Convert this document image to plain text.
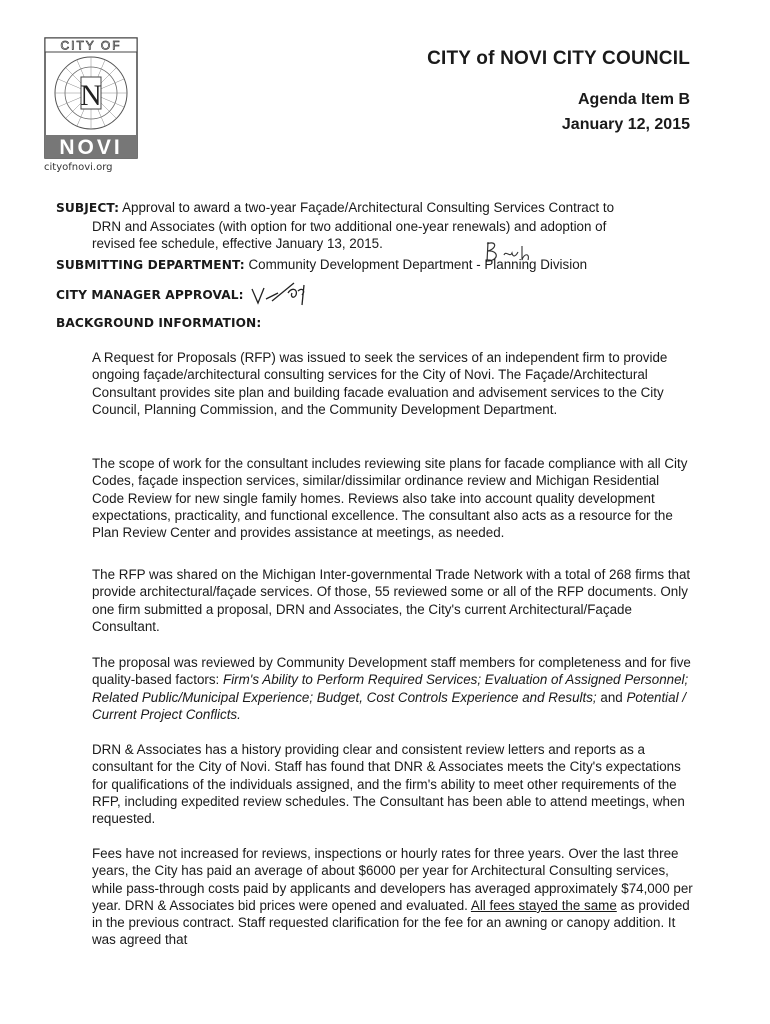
CITY OF
N
NOVI
cityofnovi.org
CITY of NOVI CITY COUNCIL
Agenda Item B
January 12, 2015
SUBJECT: Approval to award a two-year Façade/Architectural Consulting Services Contract to
DRN and Associates (with option for two additional one-year renewals) and adoption of
revised fee schedule, effective January 13, 2015.
SUBMITTING DEPARTMENT: Community Development Department - Planning Division
CITY MANAGER APPROVAL:
BACKGROUND INFORMATION:

A Request for Proposals (RFP) was issued to seek the services of an independent firm to provide ongoing façade/architectural consulting services for the City of Novi. The Façade/Architectural Consultant provides site plan and building facade evaluation and advisement services to the City Council, Planning Commission, and the Community Development Department.

The scope of work for the consultant includes reviewing site plans for facade compliance with all City Codes, façade inspection services, similar/dissimilar ordinance review and Michigan Residential Code Review for new single family homes. Reviews also take into account quality development expectations, practicality, and functional excellence. The consultant also acts as a resource for the Plan Review Center and provides assistance at meetings, as needed.

The RFP was shared on the Michigan Inter-governmental Trade Network with a total of 268 firms that provide architectural/façade services. Of those, 55 reviewed some or all of the RFP documents. Only one firm submitted a proposal, DRN and Associates, the City's current Architectural/Façade Consultant.

The proposal was reviewed by Community Development staff members for completeness and for five quality-based factors: Firm's Ability to Perform Required Services; Evaluation of Assigned Personnel; Related Public/Municipal Experience; Budget, Cost Controls Experience and Results; and Potential / Current Project Conflicts.

DRN & Associates has a history providing clear and consistent review letters and reports as a consultant for the City of Novi. Staff has found that DNR & Associates meets the City's expectations for qualifications of the individuals assigned, and the firm's ability to meet other requirements of the RFP, including expedited review schedules. The Consultant has been able to attend meetings, when requested.

Fees have not increased for reviews, inspections or hourly rates for three years. Over the last three years, the City has paid an average of about $6000 per year for Architectural Consulting services, while pass-through costs paid by applicants and developers has averaged approximately $74,000 per year. DRN & Associates bid prices were opened and evaluated. All fees stayed the same as provided in the previous contract. Staff requested clarification for the fee for an awning or canopy addition. It was agreed that
